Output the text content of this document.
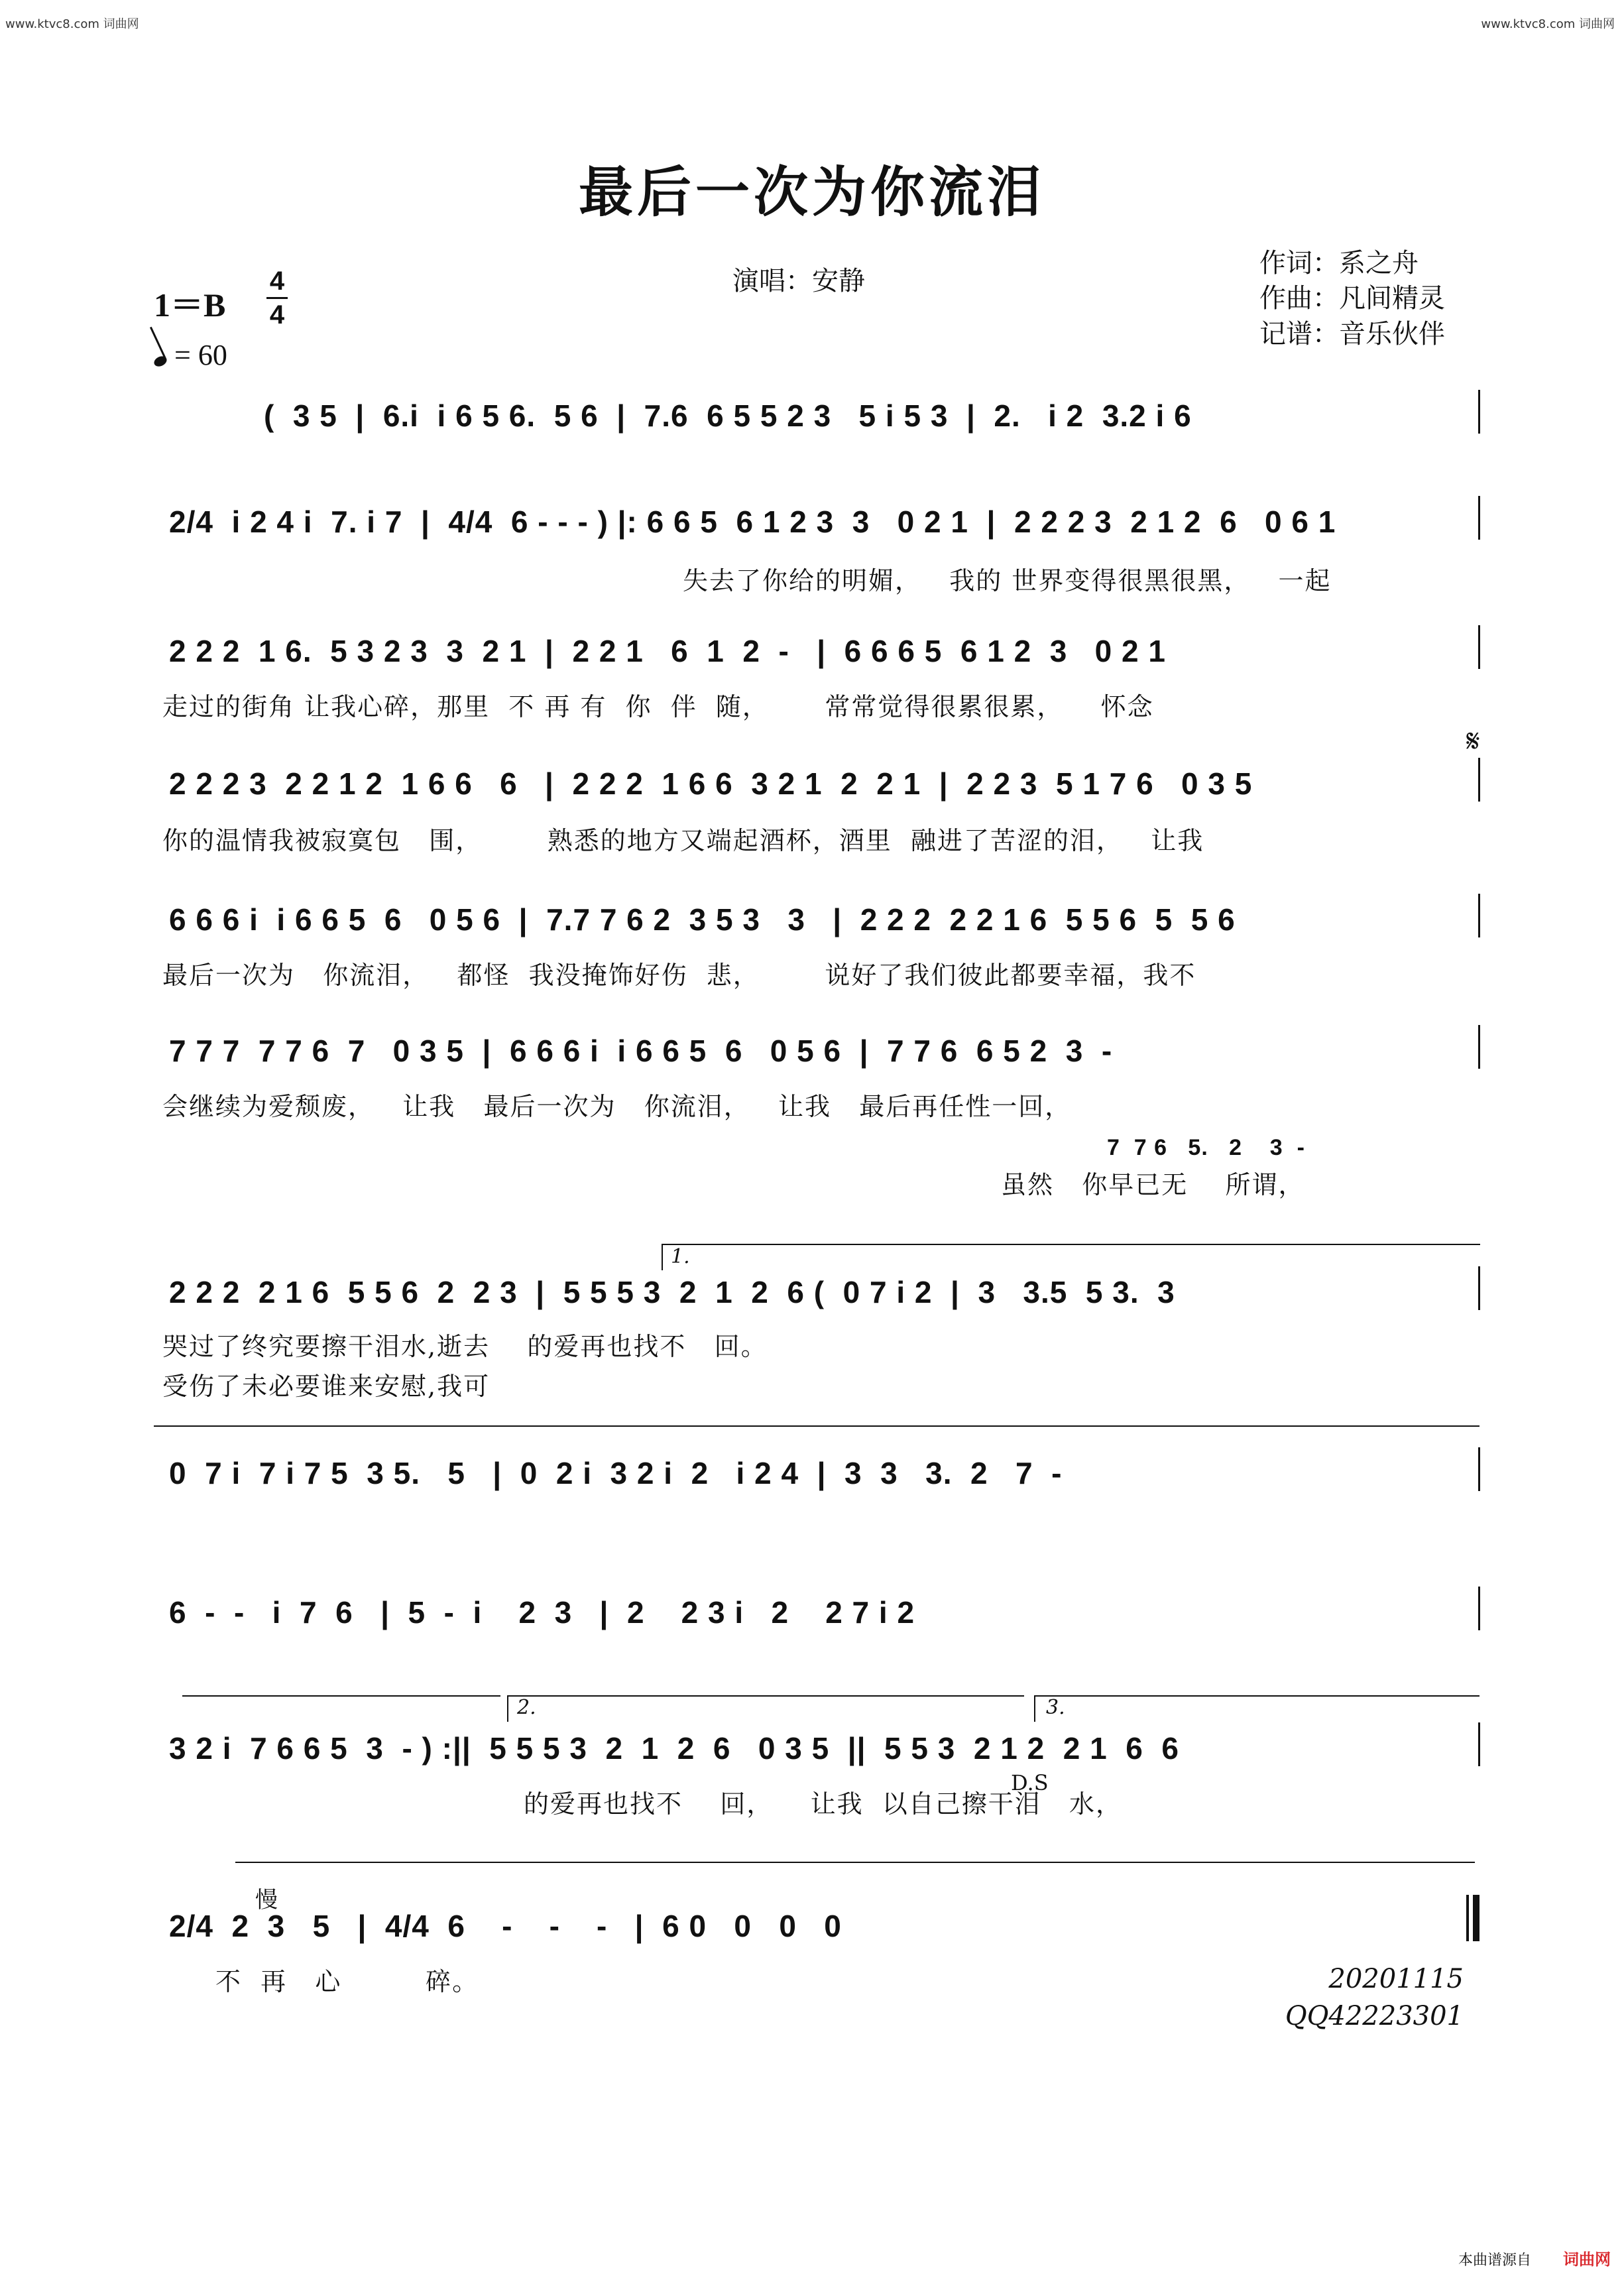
www.ktvc8.com 词曲网	www.ktvc8.com 词曲网
最后一次为你流泪
演唱：安静
作词：系之舟
作曲：凡间精灵
记谱：音乐伙伴
1＝B
4
4
= 60
(  3 5  |  6.i  i 6 5 6.  5 6  |  7.6  6 5 5 2 3   5 i 5 3  |  2.   i 2  3.2 i 6
2/4  i 2 4 i  7. i 7  |  4/4  6 - - - ) |: 6 6 5  6 1 2 3  3   0 2 1  |  2 2 2 3  2 1 2  6   0 6 1
失去了你给的明媚，   我的 世界变得很黑很黑，   一起
2 2 2  1 6.  5 3 2 3  3  2 1  |  2 2 1   6  1  2  -   |  6 6 6 5  6 1 2  3   0 2 1
走过的街角 让我心碎，那里  不 再 有  你  伴  随，      常常觉得很累很累，    怀念
2 2 2 3  2 2 1 2  1 6 6   6   |  2 2 2  1 6 6  3 2 1  2  2 1  |  2 2 3  5 1 7 6   0 3 5
你的温情我被寂寞包   围，       熟悉的地方又端起酒杯，酒里  融进了苦涩的泪，   让我
𝄋
6 6 6 i  i 6 6 5  6   0 5 6  |  7.7 7 6 2  3 5 3   3   |  2 2 2  2 2 1 6  5 5 6  5  5 6
最后一次为   你流泪，   都怪  我没掩饰好伤  悲，       说好了我们彼此都要幸福，我不
7 7 7  7 7 6  7   0 3 5  |  6 6 6 i  i 6 6 5  6   0 5 6  |  7 7 6  6 5 2  3  -
会继续为爱颓废，   让我   最后一次为   你流泪，   让我   最后再任性一回，
7  7 6   5.   2    3  -
虽然   你早已无    所谓，
1.
2 2 2  2 1 6  5 5 6  2  2 3  |  5 5 5 3  2  1  2  6 (  0 7 i 2  |  3   3.5  5 3.  3
哭过了终究要擦干泪水,逝去    的爱再也找不   回。
受伤了未必要谁来安慰,我可
0  7 i  7 i 7 5  3 5.   5   |  0  2 i  3 2 i  2   i 2 4  |  3  3   3.  2   7  -
6  -  -   i  7  6   |  5  -  i    2  3   |  2    2 3 i   2    2 7 i 2
2.	3.
3 2 i  7 6 6 5  3  - ) :||  5 5 5 3  2  1  2  6   0 3 5  ||  5 5 3  2 1 2  2 1  6  6
的爱再也找不    回，    让我  以自己擦干泪   水，
D.S
慢
2/4  2  3   5   |  4/4  6    -    -    -   |  6 0   0   0   0
不  再   心         碎。	20201115
QQ42223301
本曲谱源自 词曲网
